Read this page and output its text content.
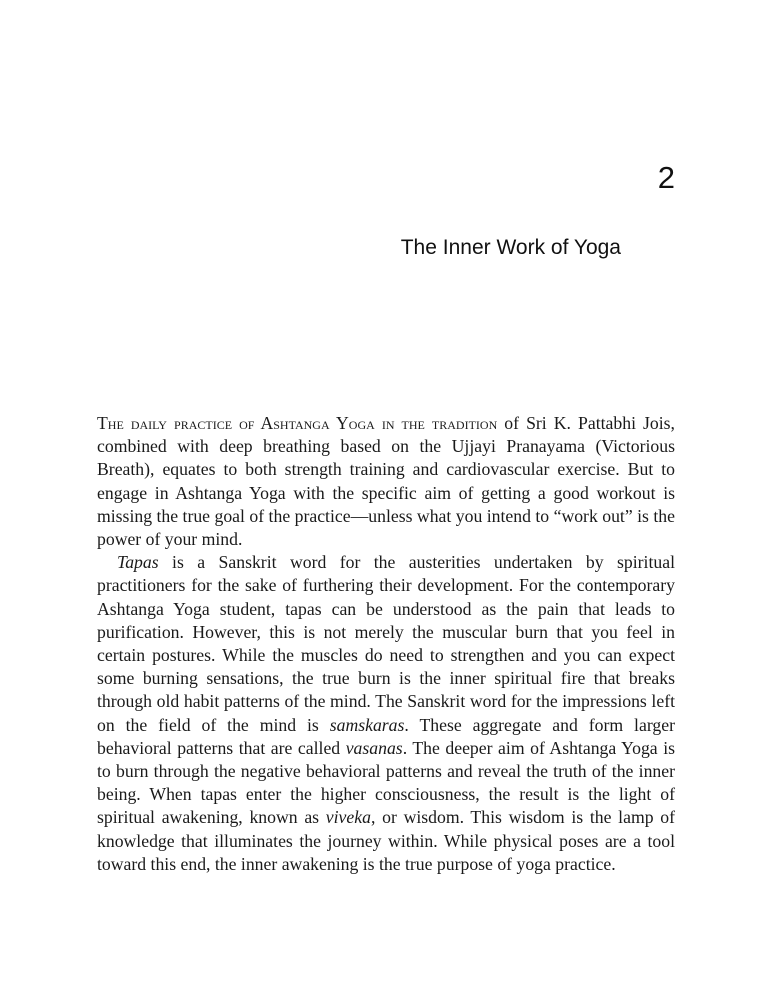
2
The Inner Work of Yoga

The daily practice of Ashtanga Yoga in the tradition of Sri K. Pattabhi Jois, combined with deep breathing based on the Ujjayi Pranayama (Victorious Breath), equates to both strength training and cardiovascular exercise. But to engage in Ashtanga Yoga with the specific aim of getting a good workout is missing the true goal of the practice—unless what you intend to “work out” is the power of your mind.

Tapas is a Sanskrit word for the austerities undertaken by spiritual practitioners for the sake of furthering their development. For the contemporary Ashtanga Yoga student, tapas can be understood as the pain that leads to purification. However, this is not merely the muscular burn that you feel in certain postures. While the muscles do need to strengthen and you can expect some burning sensations, the true burn is the inner spiritual fire that breaks through old habit patterns of the mind. The Sanskrit word for the impressions left on the field of the mind is samskaras. These aggregate and form larger behavioral patterns that are called vasanas. The deeper aim of Ashtanga Yoga is to burn through the negative behavioral patterns and reveal the truth of the inner being. When tapas enter the higher consciousness, the result is the light of spiritual awakening, known as viveka, or wisdom. This wisdom is the lamp of knowledge that illuminates the journey within. While physical poses are a tool toward this end, the inner awakening is the true purpose of yoga practice.
